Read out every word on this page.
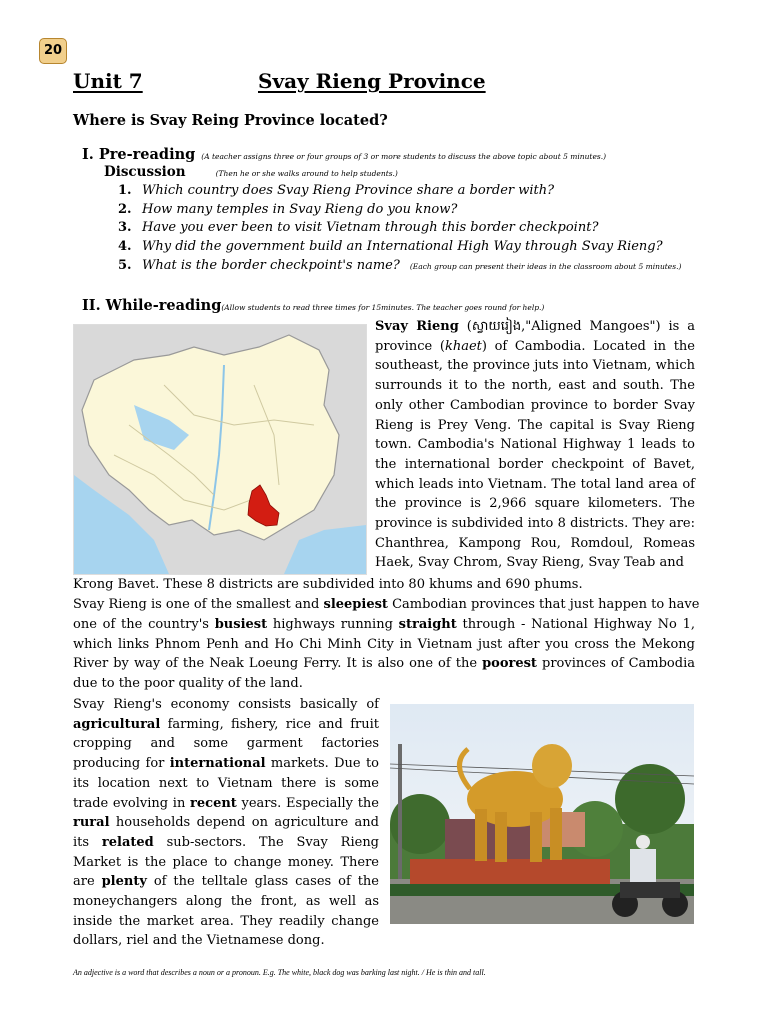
20
Unit 7	Svay Rieng Province
Where is Svay Reing Province located?
I. Pre-reading (A teacher assigns three or four groups of 3 or more students to discuss the above topic about 5 minutes.)
Discussion	(Then he or she walks around to help students.)
1. Which country does Svay Rieng Province share a border with?
2. How many temples in Svay Rieng do you know?
3. Have you ever been to visit Vietnam through this border checkpoint?
4. Why did the government build an International High Way through Svay Rieng?
5. What is the border checkpoint's name? (Each group can present their ideas in the classroom about 5 minutes.)
II. While-reading(Allow students to read three times for 15minutes. The teacher goes round for help.)
Svay Rieng (ស្វាយរៀង,"Aligned Mangoes") is a province (khaet) of Cambodia. Located in the southeast, the province juts into Vietnam, which surrounds it to the north, east and south. The only other Cambodian province to border Svay Rieng is Prey Veng. The capital is Svay Rieng town. Cambodia's National Highway 1 leads to the international border checkpoint of Bavet, which leads into Vietnam. The total land area of the province is 2,966 square kilometers. The province is subdivided into 8 districts. They are: Chanthrea, Kampong Rou, Romdoul, Romeas Haek, Svay Chrom, Svay Rieng, Svay Teab and
Krong Bavet. These 8 districts are subdivided into 80 khums and 690 phums.
Svay Rieng is one of the smallest and sleepiest Cambodian provinces that just happen to have
one of the country's busiest highways running straight through - National Highway No 1,
which links Phnom Penh and Ho Chi Minh City in Vietnam just after you cross the Mekong
River by way of the Neak Loeung Ferry. It is also one of the poorest provinces of Cambodia
due to the poor quality of the land.
Svay Rieng's economy consists basically of agricultural farming, fishery, rice and fruit cropping and some garment factories producing for international markets. Due to its location next to Vietnam there is some trade evolving in recent years. Especially the rural households depend on agriculture and its related sub-sectors. The Svay Rieng Market is the place to change money. There are plenty of the telltale glass cases of the moneychangers along the front, as well as inside the market area. They readily change dollars, riel and the Vietnamese dong.
An adjective is a word that describes a noun or a pronoun. E.g. The white, black dog was barking last night. / He is thin and tall.
